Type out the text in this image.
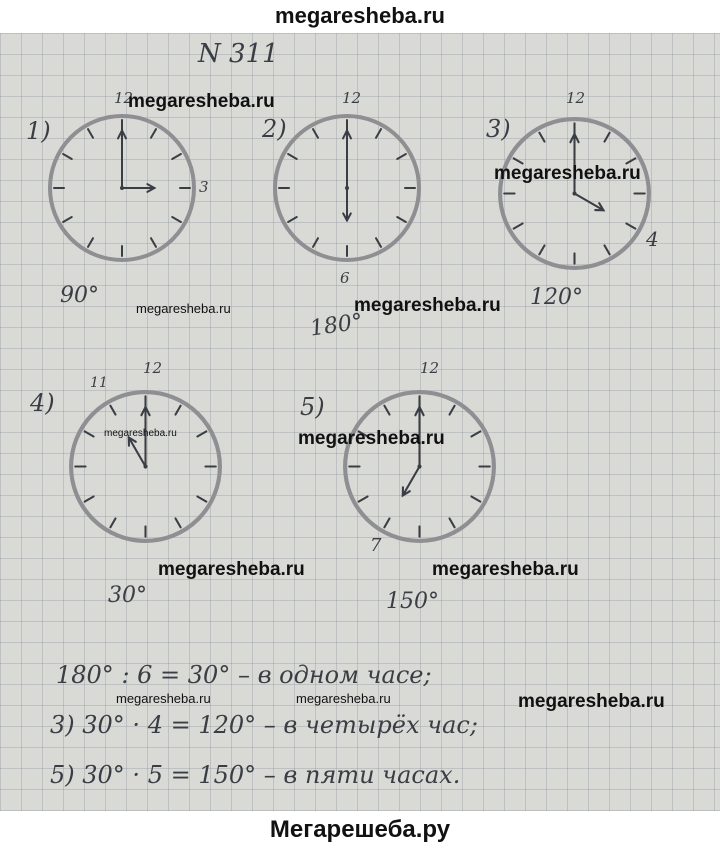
megaresheba.ru
N 311
1)
12
3
90°
2)
12
6
180°
3)
12
4
120°
4)
11
12
30°
5)
12
7
150°
180° : 6 = 30° – в одном часе;
3) 30° · 4 = 120° – в четырёх час;
5) 30° · 5 = 150° – в пяти часах.
megaresheba.ru
megaresheba.ru
megaresheba.ru	megaresheba.ru
megaresheba.ru	megaresheba.ru
megaresheba.ru	megaresheba.ru
megaresheba.ru	megaresheba.ru	megaresheba.ru
Мегарешеба.ру
